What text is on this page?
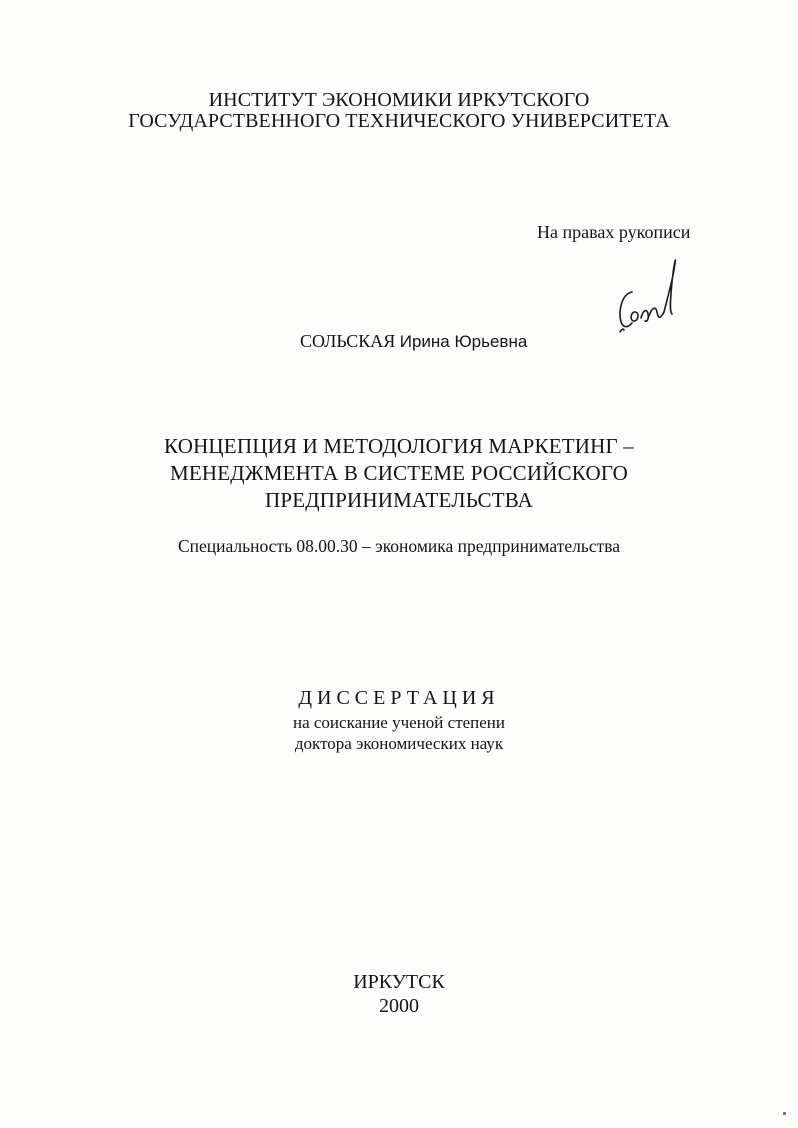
ИНСТИТУТ ЭКОНОМИКИ ИРКУТСКОГО
ГОСУДАРСТВЕННОГО ТЕХНИЧЕСКОГО УНИВЕРСИТЕТА
На правах рукописи
СОЛЬСКАЯ Ирина Юрьевна
КОНЦЕПЦИЯ И МЕТОДОЛОГИЯ МАРКЕТИНГ –
МЕНЕДЖМЕНТА В СИСТЕМЕ РОССИЙСКОГО
ПРЕДПРИНИМАТЕЛЬСТВА
Специальность 08.00.30 – экономика предпринимательства
ДИССЕРТАЦИЯ
на соискание ученой степени
доктора экономических наук
ИРКУТСК
2000
